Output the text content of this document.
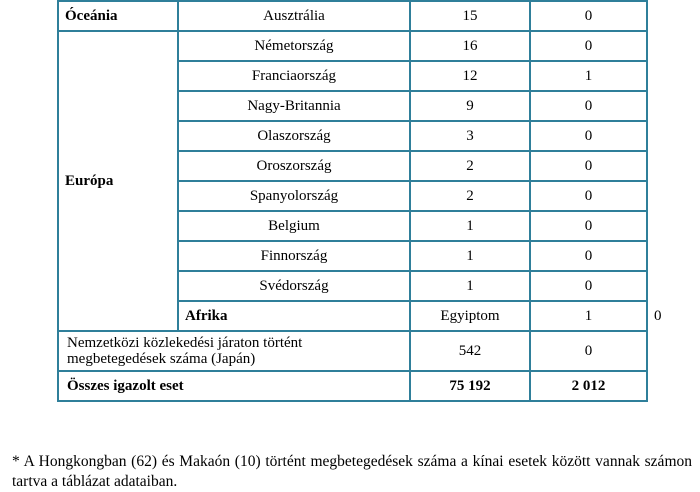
Óceánia	Ausztrália	15	0	
Európa	Németország	16	0	
	Franciaország	12	1	
	Nagy-Britannia	9	0	
	Olaszország	3	0	
	Oroszország	2	0	
	Spanyolország	2	0	
	Belgium	1	0	
	Finnország	1	0	
	Svédország	1	0	
	Afrika	Egyiptom	1	0
Nemzetközi közlekedési járaton történt megbetegedések száma (Japán)		542	0	
Összes igazolt eset		75 192	2 012	
* A Hongkongban (62) és Makaón (10) történt megbetegedések száma a kínai esetek között vannak számon tartva a táblázat adataiban.
